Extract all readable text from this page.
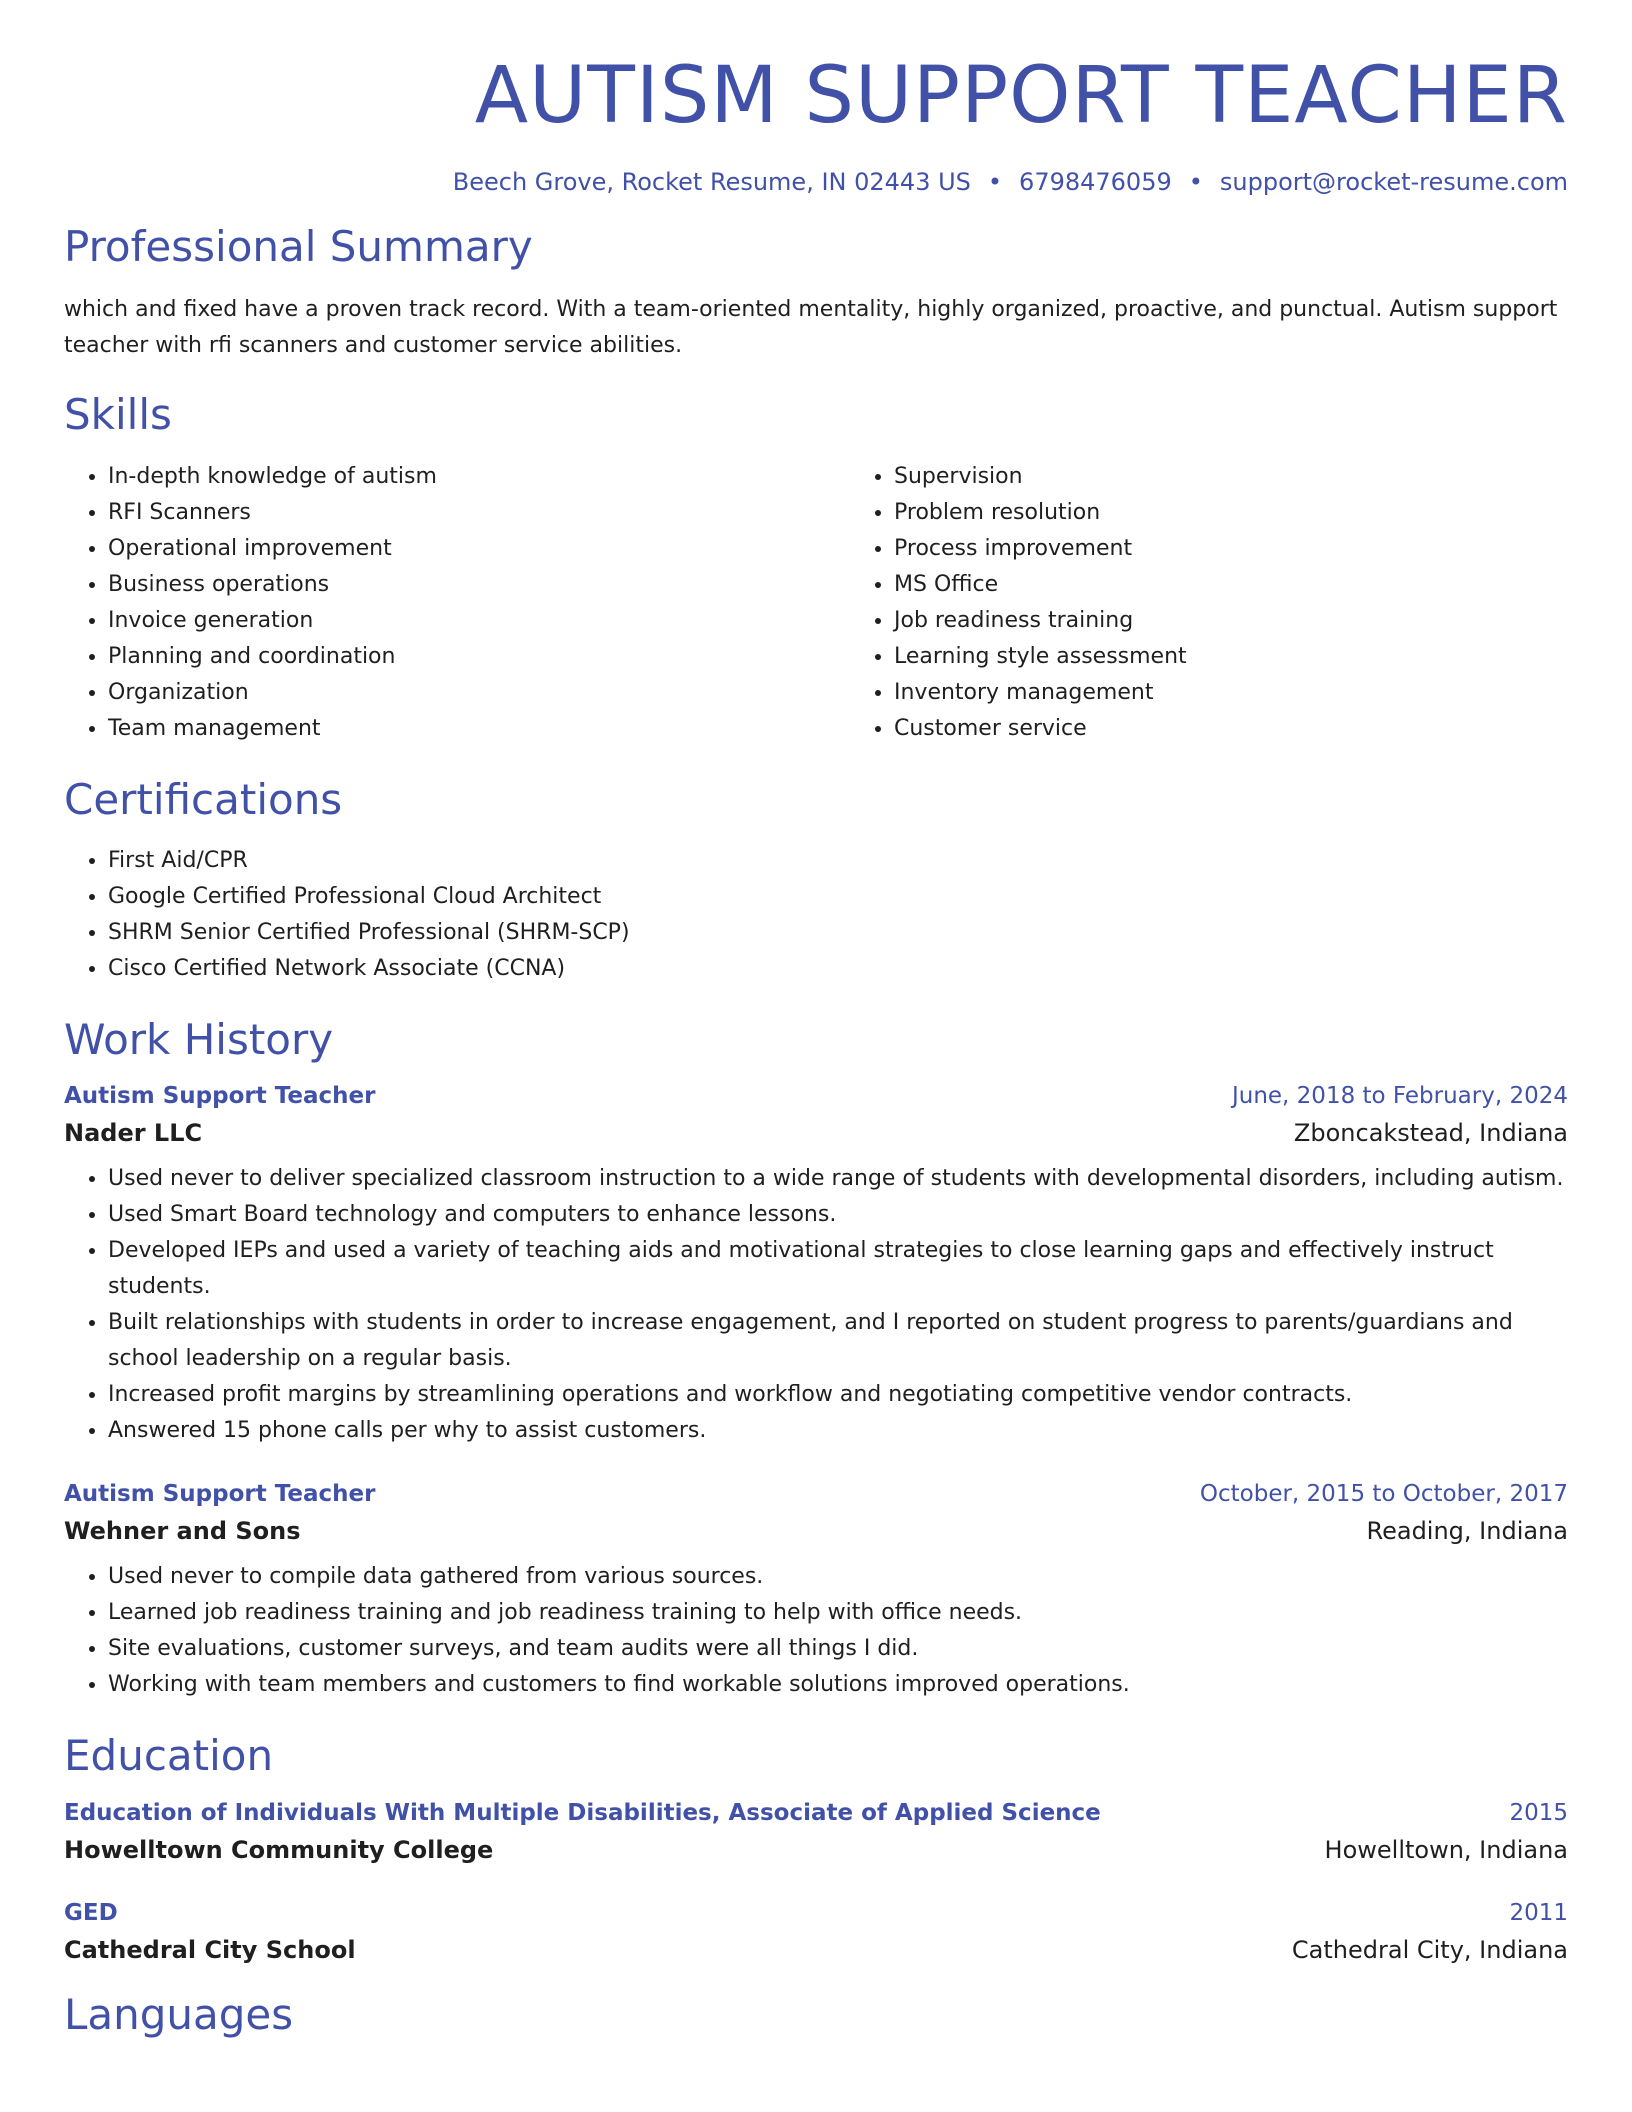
AUTISM SUPPORT TEACHER
Beech Grove, Rocket Resume, IN 02443 US • 6798476059 • support@rocket-resume.com
Professional Summary

which and fixed have a proven track record. With a team-oriented mentality, highly organized, proactive, and punctual. Autism support teacher with rfi scanners and customer service abilities.

Skills
• In-depth knowledge of autism
• RFI Scanners
• Operational improvement
• Business operations
• Invoice generation
• Planning and coordination
• Organization
• Team management
• Supervision
• Problem resolution
• Process improvement
• MS Office
• Job readiness training
• Learning style assessment
• Inventory management
• Customer service
Certifications
• First Aid/CPR
• Google Certified Professional Cloud Architect
• SHRM Senior Certified Professional (SHRM-SCP)
• Cisco Certified Network Associate (CCNA)
Work History
Autism Support Teacher	June, 2018 to February, 2024
Nader LLC	Zboncakstead, Indiana
• Used never to deliver specialized classroom instruction to a wide range of students with developmental disorders, including autism.
• Used Smart Board technology and computers to enhance lessons.
• Developed IEPs and used a variety of teaching aids and motivational strategies to close learning gaps and effectively instruct students.
• Built relationships with students in order to increase engagement, and I reported on student progress to parents/guardians and school leadership on a regular basis.
• Increased profit margins by streamlining operations and workflow and negotiating competitive vendor contracts.
• Answered 15 phone calls per why to assist customers.
Autism Support Teacher	October, 2015 to October, 2017
Wehner and Sons	Reading, Indiana
• Used never to compile data gathered from various sources.
• Learned job readiness training and job readiness training to help with office needs.
• Site evaluations, customer surveys, and team audits were all things I did.
• Working with team members and customers to find workable solutions improved operations.
Education
Education of Individuals With Multiple Disabilities, Associate of Applied Science	2015
Howelltown Community College	Howelltown, Indiana
GED	2011
Cathedral City School	Cathedral City, Indiana
Languages
